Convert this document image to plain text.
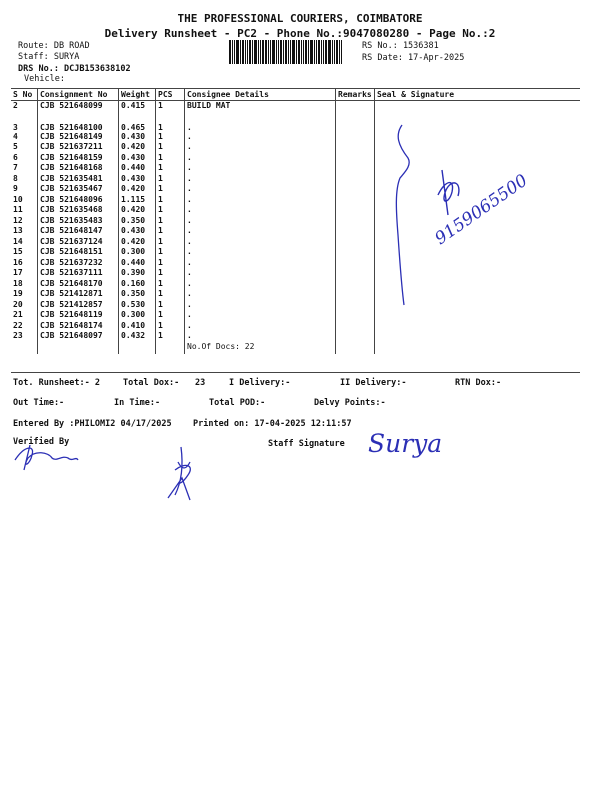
THE PROFESSIONAL COURIERS, COIMBATORE
Delivery Runsheet - PC2 - Phone No.:9047080280 - Page No.:2
Route: DB ROAD
Staff: SURYA
DRS No.: DCJB153638102
Vehicle:
RS No.: 1536381
RS Date: 17-Apr-2025
S No	Consignment No	Weight	PCS	Consignee Details	Remarks	Seal & Signature
2	CJB 521648099	0.415	1	BUILD MAT		
3	CJB 521648100	0.465	1	.		
4	CJB 521648149	0.430	1	.		
5	CJB 521637211	0.420	1	.		
6	CJB 521648159	0.430	1	.		
7	CJB 521648168	0.440	1	.		
8	CJB 521635481	0.430	1	.		
9	CJB 521635467	0.420	1	.		
10	CJB 521648096	1.115	1	.		
11	CJB 521635468	0.420	1	.		
12	CJB 521635483	0.350	1	.		
13	CJB 521648147	0.430	1	.		
14	CJB 521637124	0.420	1	.		
15	CJB 521648151	0.300	1	.		
16	CJB 521637232	0.440	1	.		
17	CJB 521637111	0.390	1	.		
18	CJB 521648170	0.160	1	.		
19	CJB 521412871	0.350	1	.		
20	CJB 521412857	0.530	1	.		
21	CJB 521648119	0.300	1	.		
22	CJB 521648174	0.410	1	.		
23	CJB 521648097	0.432	1	.		
				No.Of Docs: 22		
Tot. Runsheet:- 2	Total Dox:- 23	I Delivery:-	II Delivery:-	RTN Dox:-
Out Time:-	In Time:-	Total POD:-	Delvy Points:-
Entered By :PHILOMI2 04/17/2025	Printed on: 17-04-2025 12:11:57
Verified By	Staff Signature
9159065500
Surya
